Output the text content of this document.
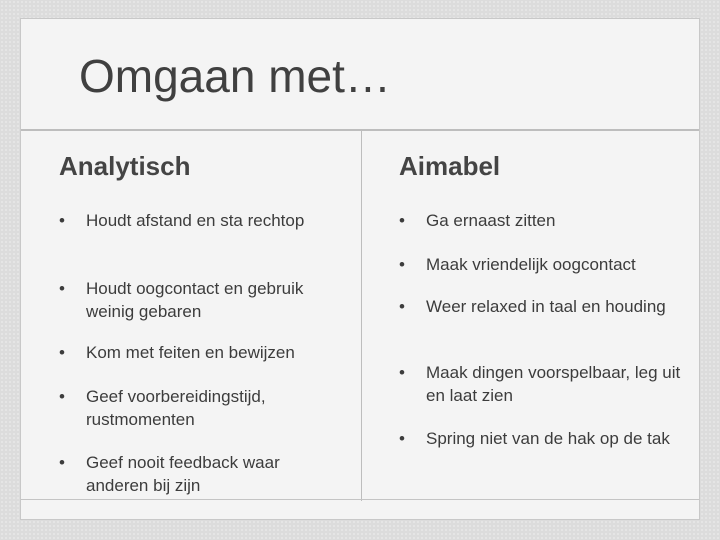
Omgaan met…
Analytisch
•	Houdt afstand en sta rechtop
•	Houdt oogcontact en gebruik weinig gebaren
•	Kom met feiten en bewijzen
•	Geef voorbereidingstijd, rustmomenten
•	Geef nooit feedback waar anderen bij zijn
Aimabel
•	Ga ernaast zitten
•	Maak vriendelijk oogcontact
•	Weer relaxed in taal en houding
•	Maak dingen voorspelbaar, leg uit en laat zien
•	Spring niet van de hak op de tak
